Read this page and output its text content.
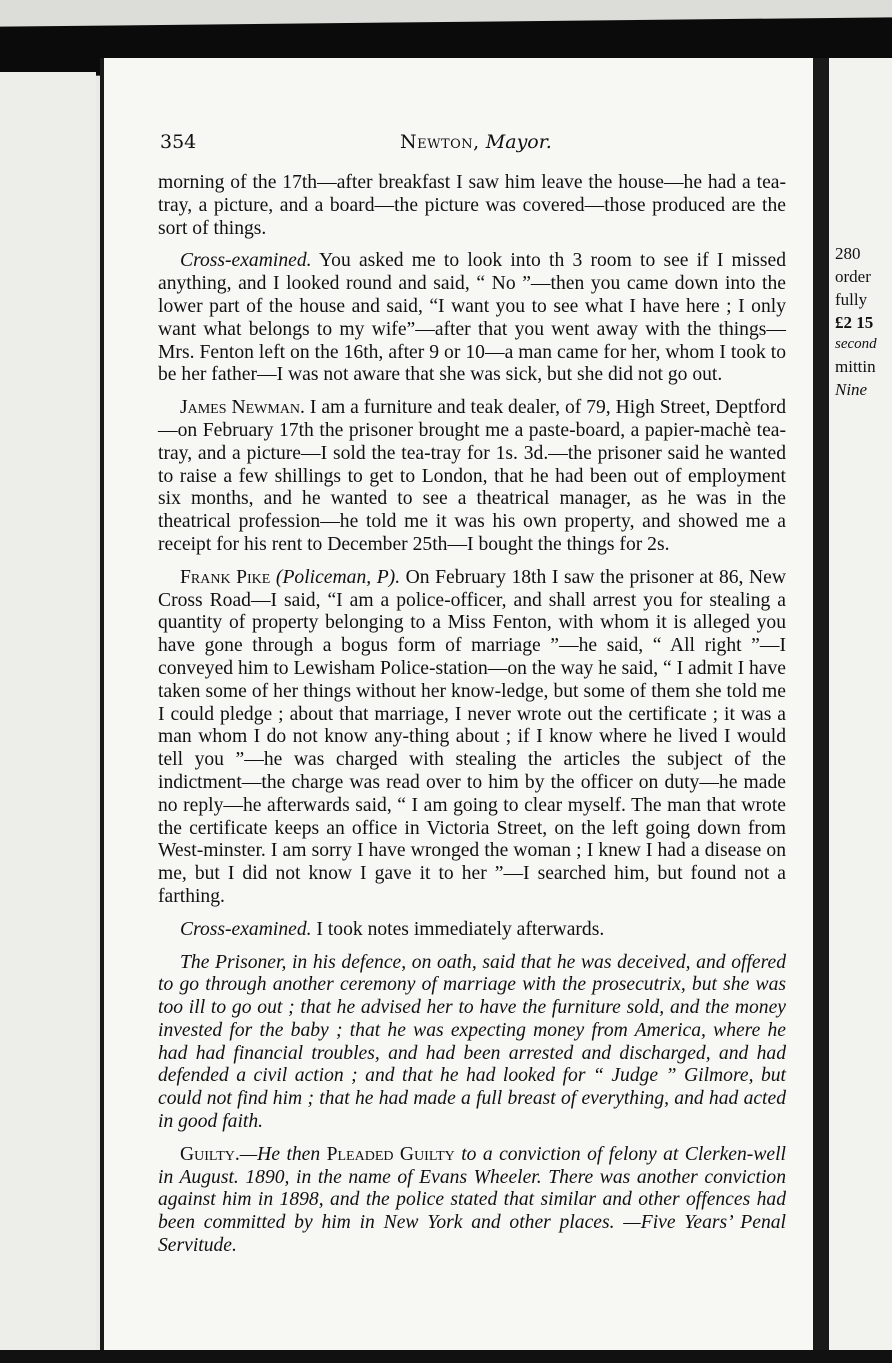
280
order
fully
£2 15
second
mittin
Nine
354	Newton, Mayor.

morning of the 17th—after breakfast I saw him leave the house—he had a tea-tray, a picture, and a board—the picture was covered—those produced are the sort of things.

Cross-examined. You asked me to look into th 3 room to see if I missed anything, and I looked round and said, “ No ”—then you came down into the lower part of the house and said, “I want you to see what I have here ; I only want what belongs to my wife”—after that you went away with the things—Mrs. Fenton left on the 16th, after 9 or 10—a man came for her, whom I took to be her father—I was not aware that she was sick, but she did not go out.

James Newman. I am a furniture and teak dealer, of 79, High Street, Deptford—on February 17th the prisoner brought me a paste-board, a papier-machè tea-tray, and a picture—I sold the tea-tray for 1s. 3d.—the prisoner said he wanted to raise a few shillings to get to London, that he had been out of employment six months, and he wanted to see a theatrical manager, as he was in the theatrical profession—he told me it was his own property, and showed me a receipt for his rent to December 25th—I bought the things for 2s.

Frank Pike (Policeman, P). On February 18th I saw the prisoner at 86, New Cross Road—I said, “I am a police-officer, and shall arrest you for stealing a quantity of property belonging to a Miss Fenton, with whom it is alleged you have gone through a bogus form of marriage ”—he said, “ All right ”—I conveyed him to Lewisham Police-station—on the way he said, “ I admit I have taken some of her things without her know-ledge, but some of them she told me I could pledge ; about that marriage, I never wrote out the certificate ; it was a man whom I do not know any-thing about ; if I know where he lived I would tell you ”—he was charged with stealing the articles the subject of the indictment—the charge was read over to him by the officer on duty—he made no reply—he afterwards said, “ I am going to clear myself. The man that wrote the certificate keeps an office in Victoria Street, on the left going down from West-minster. I am sorry I have wronged the woman ; I knew I had a disease on me, but I did not know I gave it to her ”—I searched him, but found not a farthing.

Cross-examined. I took notes immediately afterwards.

The Prisoner, in his defence, on oath, said that he was deceived, and offered to go through another ceremony of marriage with the prosecutrix, but she was too ill to go out ; that he advised her to have the furniture sold, and the money invested for the baby ; that he was expecting money from America, where he had had financial troubles, and had been arrested and discharged, and had defended a civil action ; and that he had looked for “ Judge ” Gilmore, but could not find him ; that he had made a full breast of everything, and had acted in good faith.

Guilty.—He then Pleaded Guilty to a conviction of felony at Clerken-well in August. 1890, in the name of Evans Wheeler. There was another conviction against him in 1898, and the police stated that similar and other offences had been committed by him in New York and other places. —Five Years’ Penal Servitude.
